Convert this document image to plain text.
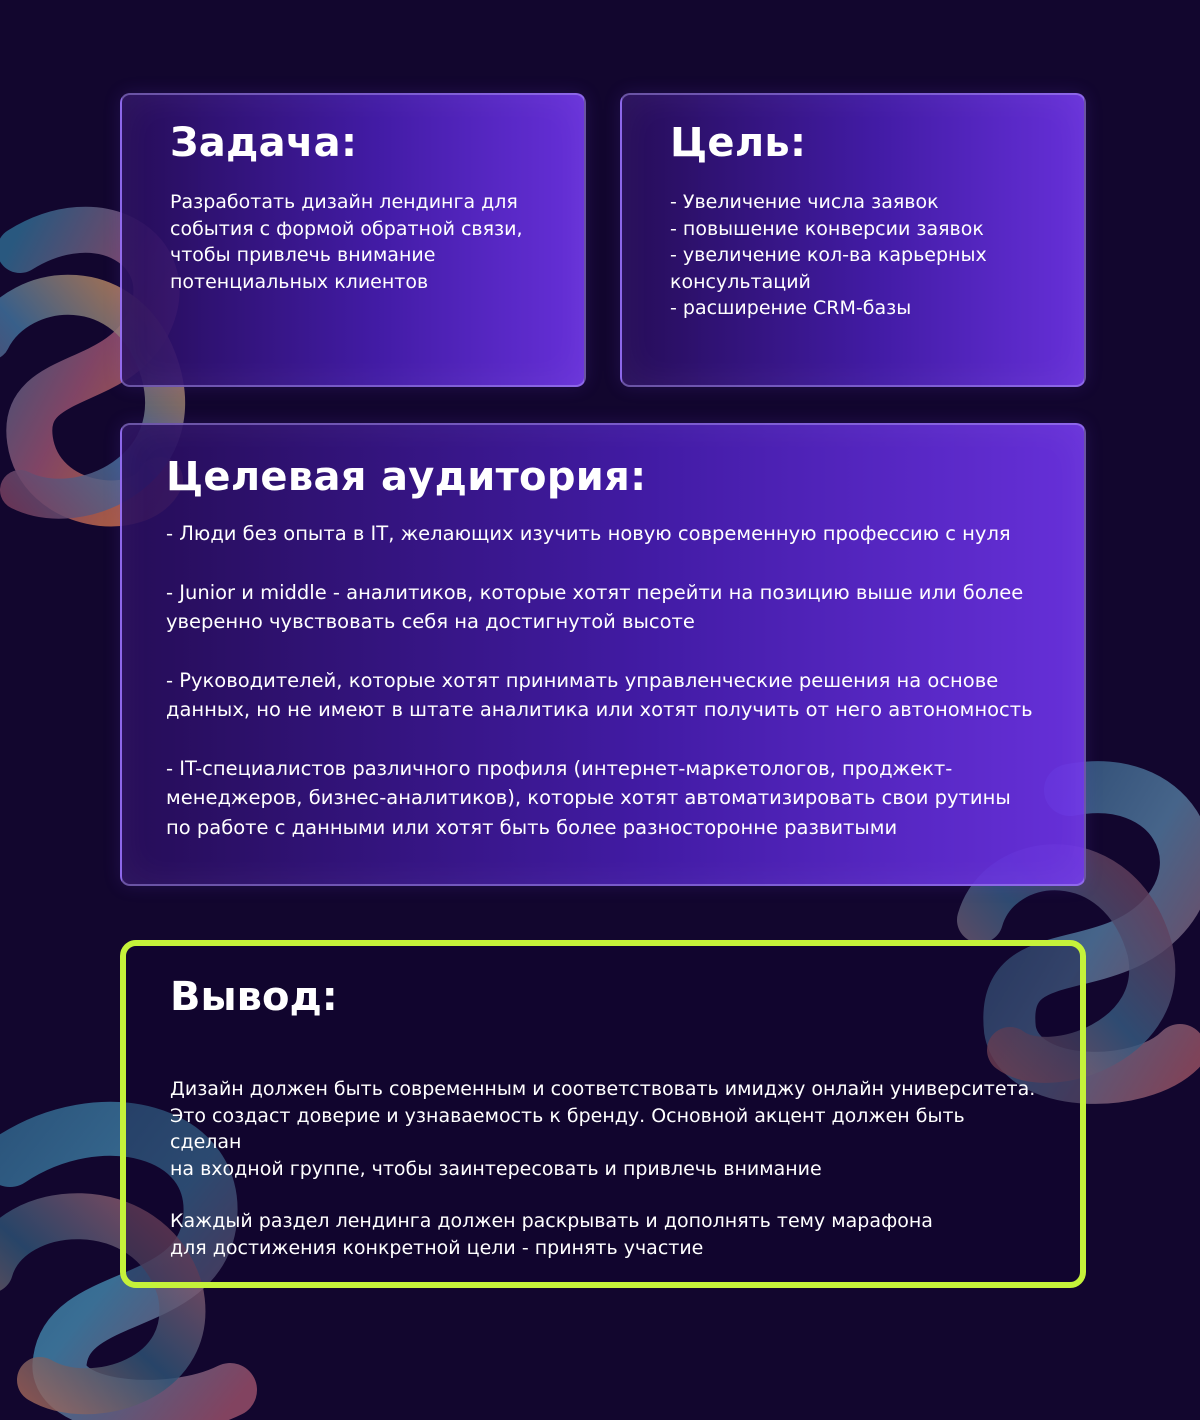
Задача:

Разработать дизайн лендинга для события с формой обратной связи, чтобы привлечь внимание потенциальных клиентов

Цель:

- Увеличение числа заявок

- повышение конверсии заявок

- увеличение кол-ва карьерных консультаций

- расширение CRM-базы

Целевая аудитория:

- Люди без опыта в IT, желающих изучить новую современную профессию с нуля

- Junior и middle - аналитиков, которые хотят перейти на позицию выше или более уверенно чувствовать себя на достигнутой высоте

- Руководителей, которые хотят принимать управленческие решения на основе данных, но не имеют в штате аналитика или хотят получить от него автономность

- IT-специалистов различного профиля (интернет-маркетологов, проджект-менеджеров, бизнес-аналитиков), которые хотят автоматизировать свои рутины по работе с данными или хотят быть более разносторонне развитыми

Вывод:

Дизайн должен быть современным и соответствовать имиджу онлайн университета.
Это создаст доверие и узнаваемость к бренду. Основной акцент должен быть сделан
на входной группе, чтобы заинтересовать и привлечь внимание

Каждый раздел лендинга должен раскрывать и дополнять тему марафона
для достижения конкретной цели - принять участие
